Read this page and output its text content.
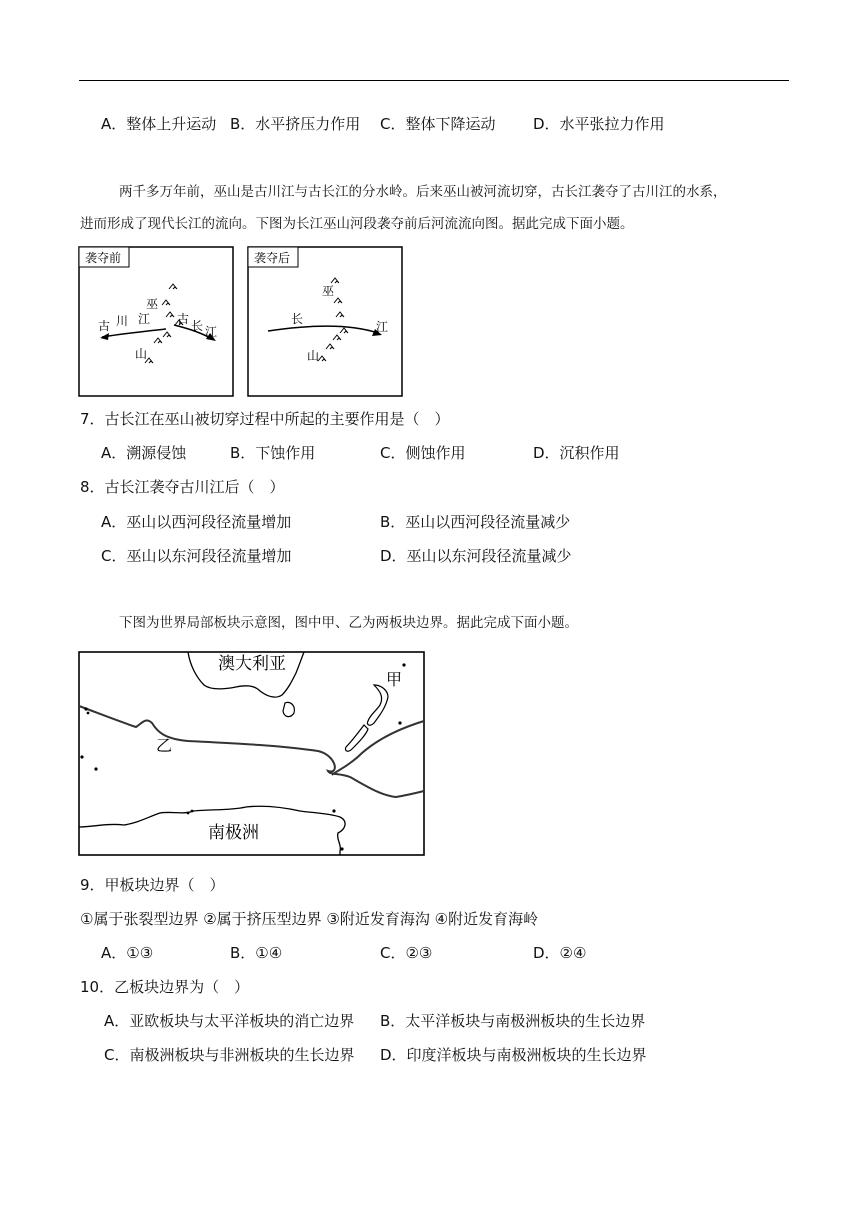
A．整体上升运动 B．水平挤压力作用 C．整体下降运动	D．水平张拉力作用
两千多万年前，巫山是古川江与古长江的分水岭。后来巫山被河流切穿，古长江袭夺了古川江的水系，
进而形成了现代长江的流向。下图为长江巫山河段袭夺前后河流流向图。据此完成下面小题。
袭夺前
巫
山
古 川 江 古 长 江
袭夺后
巫
山
长
江
7．古长江在巫山被切穿过程中所起的主要作用是（　）
A．溯源侵蚀	B．下蚀作用	C．侧蚀作用	D．沉积作用
8．古长江袭夺古川江后（　）
A．巫山以西河段径流量增加	B．巫山以西河段径流量减少
C．巫山以东河段径流量增加	D．巫山以东河段径流量减少
下图为世界局部板块示意图，图中甲、乙为两板块边界。据此完成下面小题。
澳大利亚
甲
乙
南极洲
9．甲板块边界（　）
①属于张裂型边界 ②属于挤压型边界 ③附近发育海沟 ④附近发育海岭
A．①③	B．①④	C．②③	D．②④
10．乙板块边界为（　）
A．亚欧板块与太平洋板块的消亡边界 B．太平洋板块与南极洲板块的生长边界
C．南极洲板块与非洲板块的生长边界 D．印度洋板块与南极洲板块的生长边界
